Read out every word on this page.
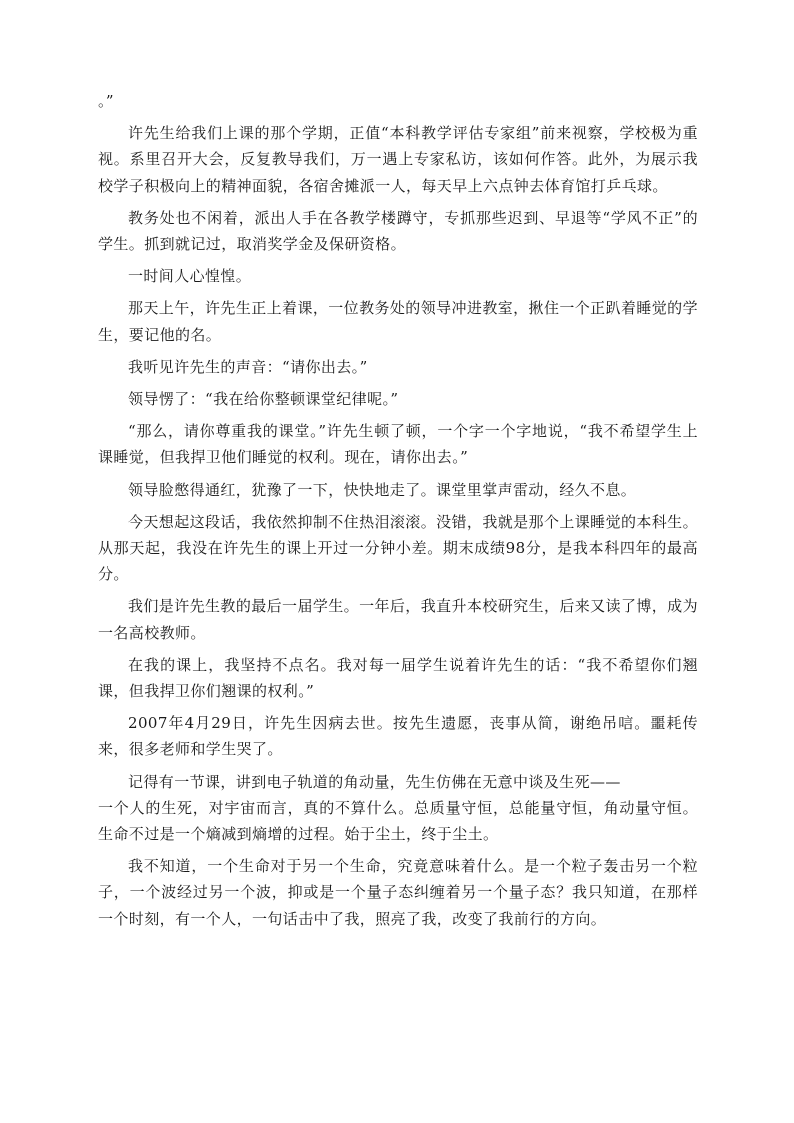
。”

许先生给我们上课的那个学期，正值“本科教学评估专家组”前来视察，学校极为重视。系里召开大会，反复教导我们，万一遇上专家私访，该如何作答。此外，为展示我校学子积极向上的精神面貌，各宿舍摊派一人，每天早上六点钟去体育馆打乒乓球。

教务处也不闲着，派出人手在各教学楼蹲守，专抓那些迟到、早退等“学风不正”的学生。抓到就记过，取消奖学金及保研资格。

一时间人心惶惶。

那天上午，许先生正上着课，一位教务处的领导冲进教室，揪住一个正趴着睡觉的学生，要记他的名。

我听见许先生的声音：“请你出去。”

领导愣了：“我在给你整顿课堂纪律呢。”

“那么，请你尊重我的课堂。”许先生顿了顿，一个字一个字地说，“我不希望学生上课睡觉，但我捍卫他们睡觉的权利。现在，请你出去。”

领导脸憋得通红，犹豫了一下，快快地走了。课堂里掌声雷动，经久不息。

今天想起这段话，我依然抑制不住热泪滚滚。没错，我就是那个上课睡觉的本科生。从那天起，我没在许先生的课上开过一分钟小差。期末成绩98分，是我本科四年的最高分。

我们是许先生教的最后一届学生。一年后，我直升本校研究生，后来又读了博，成为一名高校教师。

在我的课上，我坚持不点名。我对每一届学生说着许先生的话：“我不希望你们翘课，但我捍卫你们翘课的权利。”

2007年4月29日，许先生因病去世。按先生遗愿，丧事从简，谢绝吊唁。噩耗传来，很多老师和学生哭了。

记得有一节课，讲到电子轨道的角动量，先生仿佛在无意中谈及生死——

一个人的生死，对宇宙而言，真的不算什么。总质量守恒，总能量守恒，角动量守恒。生命不过是一个熵减到熵增的过程。始于尘土，终于尘土。

我不知道，一个生命对于另一个生命，究竟意味着什么。是一个粒子轰击另一个粒子，一个波经过另一个波，抑或是一个量子态纠缠着另一个量子态？我只知道，在那样一个时刻，有一个人，一句话击中了我，照亮了我，改变了我前行的方向。
